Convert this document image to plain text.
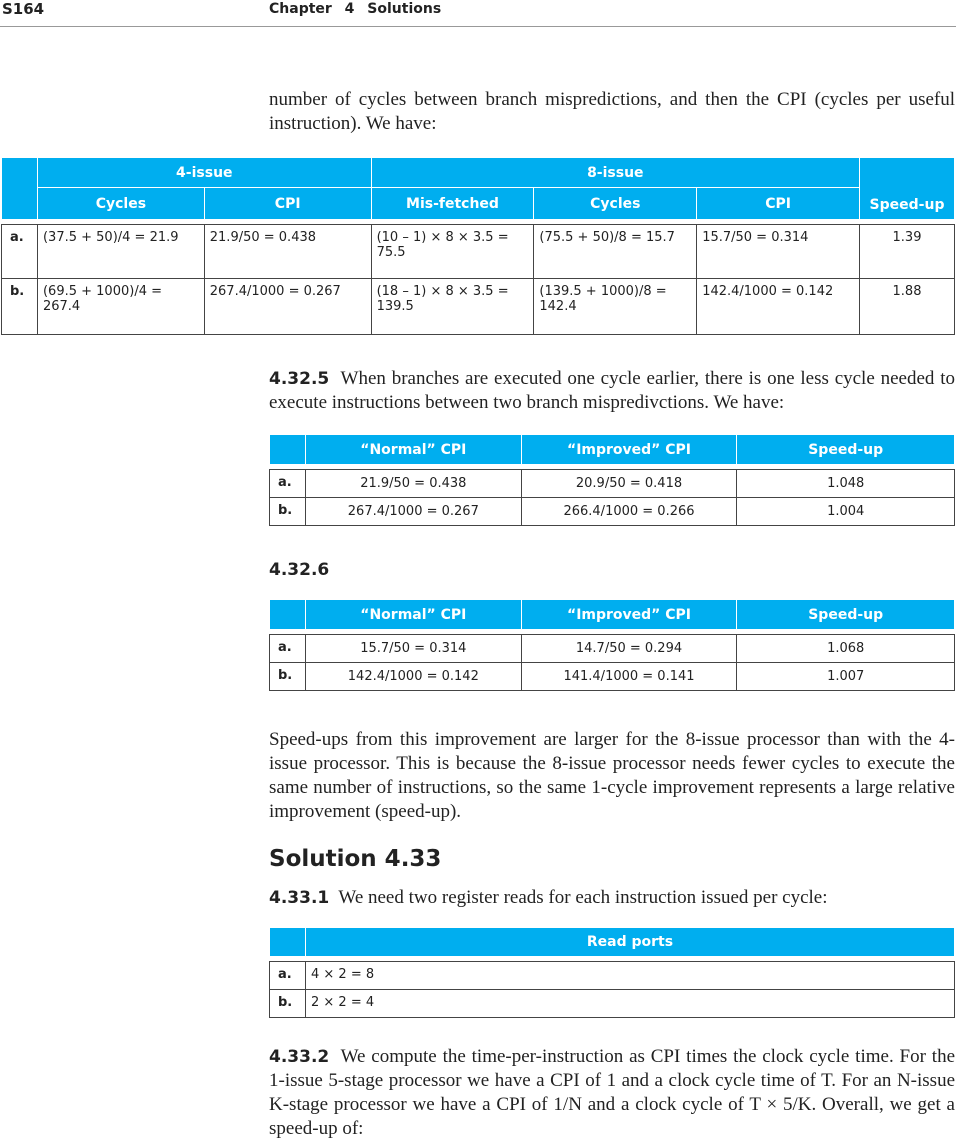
S164	Chapter 4 Solutions

number of cycles between branch mispredictions, and then the CPI (cycles per useful instruction). We have:

	4-issue		8-issue			Speed-up
	Cycles	CPI	Mis-fetched	Cycles	CPI	

a.	(37.5 + 50)/4 = 21.9	21.9/50 = 0.438	(10 – 1) × 8 × 3.5 = 75.5	(75.5 + 50)/8 = 15.7	15.7/50 = 0.314	1.39
b.	(69.5 + 1000)/4 = 267.4	267.4/1000 = 0.267	(18 – 1) × 8 × 3.5 = 139.5	(139.5 + 1000)/8 = 142.4	142.4/1000 = 0.142	1.88

4.32.5 When branches are executed one cycle earlier, there is one less cycle needed to execute instructions between two branch mispredivctions. We have:

	“Normal” CPI	“Improved” CPI	Speed-up

a.	21.9/50 = 0.438	20.9/50 = 0.418	1.048
b.	267.4/1000 = 0.267	266.4/1000 = 0.266	1.004
4.32.6
	“Normal” CPI	“Improved” CPI	Speed-up

a.	15.7/50 = 0.314	14.7/50 = 0.294	1.068
b.	142.4/1000 = 0.142	141.4/1000 = 0.141	1.007

Speed-ups from this improvement are larger for the 8-issue processor than with the 4-issue processor. This is because the 8-issue processor needs fewer cycles to execute the same number of instructions, so the same 1-cycle improvement represents a large relative improvement (speed-up).

Solution 4.33

4.33.1 We need two register reads for each instruction issued per cycle:

	Read ports

a.	4 × 2 = 8
b.	2 × 2 = 4

4.33.2 We compute the time-per-instruction as CPI times the clock cycle time. For the 1-issue 5-stage processor we have a CPI of 1 and a clock cycle time of T. For an N-issue K-stage processor we have a CPI of 1/N and a clock cycle of T × 5/K. Overall, we get a speed-up of:
